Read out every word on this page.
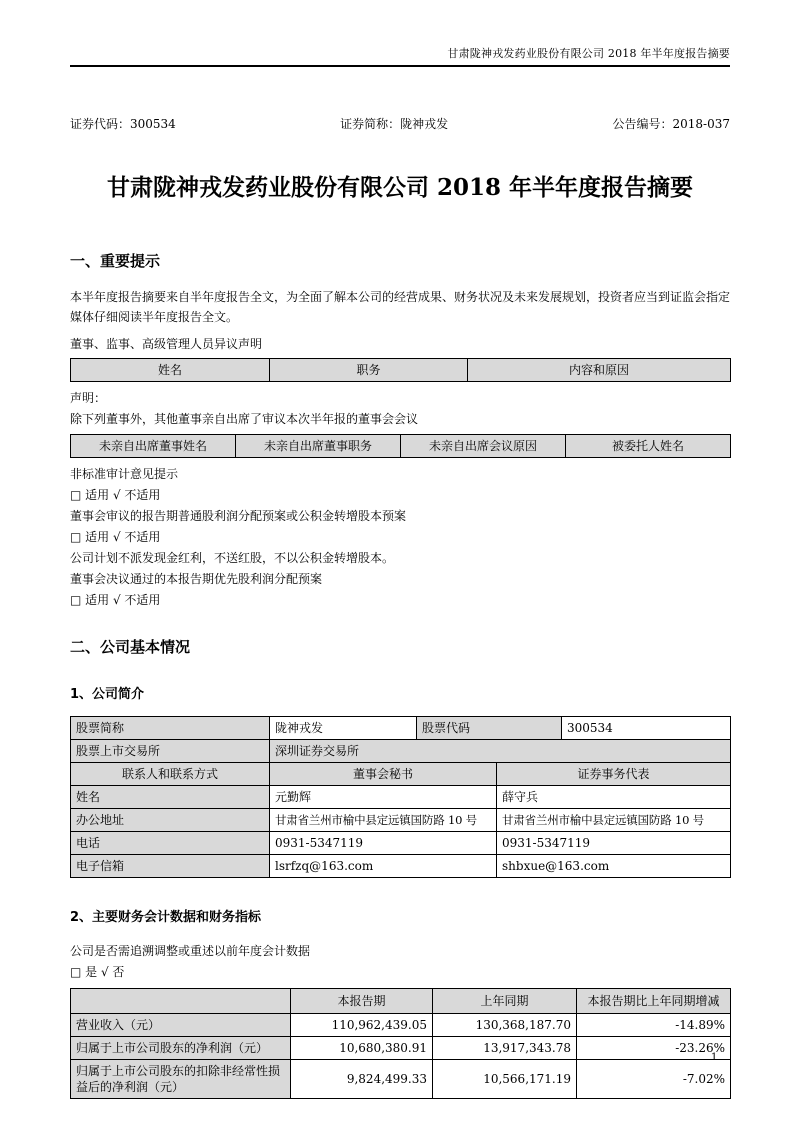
甘肃陇神戎发药业股份有限公司 2018 年半年度报告摘要
证券代码：300534	证券简称：陇神戎发	公告编号：2018-037
甘肃陇神戎发药业股份有限公司 2018 年半年度报告摘要
一、重要提示

本半年度报告摘要来自半年度报告全文，为全面了解本公司的经营成果、财务状况及未来发展规划，投资者应当到证监会指定媒体仔细阅读半年度报告全文。

董事、监事、高级管理人员异议声明

姓名	职务	内容和原因

声明：

除下列董事外，其他董事亲自出席了审议本次半年报的董事会会议

未亲自出席董事姓名	未亲自出席董事职务	未亲自出席会议原因	被委托人姓名

非标准审计意见提示

□ 适用 √ 不适用

董事会审议的报告期普通股利润分配预案或公积金转增股本预案

□ 适用 √ 不适用

公司计划不派发现金红利，不送红股，不以公积金转增股本。

董事会决议通过的本报告期优先股利润分配预案

□ 适用 √ 不适用

二、公司基本情况
1、公司简介
股票简称	陇神戎发	股票代码	300534
股票上市交易所	深圳证券交易所		
联系人和联系方式	董事会秘书	证券事务代表
姓名	元勤辉	薛守兵
办公地址	甘肃省兰州市榆中县定远镇国防路 10 号	甘肃省兰州市榆中县定远镇国防路 10 号
电话	0931-5347119	0931-5347119
电子信箱	lsrfzq@163.com	shbxue@163.com
2、主要财务会计数据和财务指标

公司是否需追溯调整或重述以前年度会计数据

□ 是 √ 否

	本报告期	上年同期	本报告期比上年同期增减
营业收入（元）	110,962,439.05	130,368,187.70	-14.89%
归属于上市公司股东的净利润（元）	10,680,380.91	13,917,343.78	-23.26%
归属于上市公司股东的扣除非经常性损益后的净利润（元）	9,824,499.33	10,566,171.19	-7.02%
1
